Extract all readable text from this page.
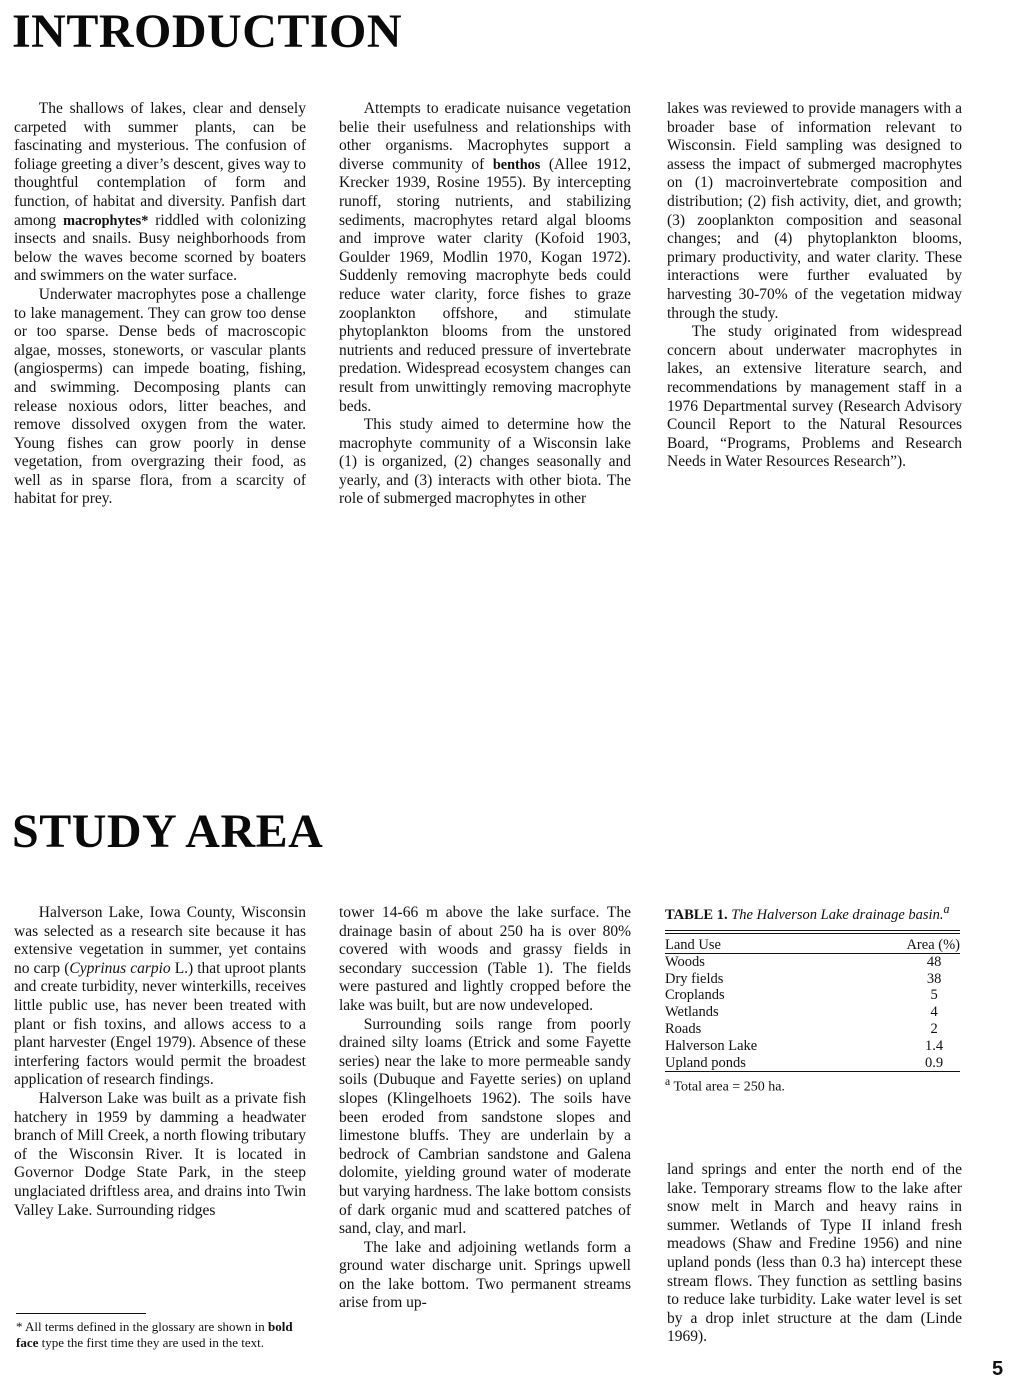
INTRODUCTION

The shallows of lakes, clear and densely carpeted with summer plants, can be fascinating and mysterious. The confusion of foliage greeting a diver’s descent, gives way to thoughtful contemplation of form and function, of habitat and diversity. Panfish dart among macrophytes* riddled with colonizing insects and snails. Busy neighborhoods from below the waves become scorned by boaters and swimmers on the water surface.

Underwater macrophytes pose a challenge to lake management. They can grow too dense or too sparse. Dense beds of macroscopic algae, mosses, stoneworts, or vascular plants (angiosperms) can impede boating, fishing, and swimming. Decomposing plants can release noxious odors, litter beaches, and remove dissolved oxygen from the water. Young fishes can grow poorly in dense vegetation, from overgrazing their food, as well as in sparse flora, from a scarcity of habitat for prey.

Attempts to eradicate nuisance vegetation belie their usefulness and relationships with other organisms. Macrophytes support a diverse community of benthos (Allee 1912, Krecker 1939, Rosine 1955). By intercepting runoff, storing nutrients, and stabilizing sediments, macrophytes retard algal blooms and improve water clarity (Kofoid 1903, Goulder 1969, Modlin 1970, Kogan 1972). Suddenly removing macrophyte beds could reduce water clarity, force fishes to graze zooplankton offshore, and stimulate phytoplankton blooms from the unstored nutrients and reduced pressure of invertebrate predation. Widespread ecosystem changes can result from unwittingly removing macrophyte beds.

This study aimed to determine how the macrophyte community of a Wisconsin lake (1) is organized, (2) changes seasonally and yearly, and (3) interacts with other biota. The role of submerged macrophytes in other

lakes was reviewed to provide managers with a broader base of information relevant to Wisconsin. Field sampling was designed to assess the impact of submerged macrophytes on (1) macroinvertebrate composition and distribution; (2) fish activity, diet, and growth; (3) zooplankton composition and seasonal changes; and (4) phytoplankton blooms, primary productivity, and water clarity. These interactions were further evaluated by harvesting 30-70% of the vegetation midway through the study.

The study originated from widespread concern about underwater macrophytes in lakes, an extensive literature search, and recommendations by management staff in a 1976 Departmental survey (Research Advisory Council Report to the Natural Resources Board, “Programs, Problems and Research Needs in Water Resources Research”).

STUDY AREA

Halverson Lake, Iowa County, Wisconsin was selected as a research site because it has extensive vegetation in summer, yet contains no carp (Cyprinus carpio L.) that uproot plants and create turbidity, never winterkills, receives little public use, has never been treated with plant or fish toxins, and allows access to a plant harvester (Engel 1979). Absence of these interfering factors would permit the broadest application of research findings.

Halverson Lake was built as a private fish hatchery in 1959 by damming a headwater branch of Mill Creek, a north flowing tributary of the Wisconsin River. It is located in Governor Dodge State Park, in the steep unglaciated driftless area, and drains into Twin Valley Lake. Surrounding ridges

tower 14-66 m above the lake surface. The drainage basin of about 250 ha is over 80% covered with woods and grassy fields in secondary succession (Table 1). The fields were pastured and lightly cropped before the lake was built, but are now undeveloped.

Surrounding soils range from poorly drained silty loams (Etrick and some Fayette series) near the lake to more permeable sandy soils (Dubuque and Fayette series) on upland slopes (Klingelhoets 1962). The soils have been eroded from sandstone slopes and limestone bluffs. They are underlain by a bedrock of Cambrian sandstone and Galena dolomite, yielding ground water of moderate but varying hardness. The lake bottom consists of dark organic mud and scattered patches of sand, clay, and marl.

The lake and adjoining wetlands form a ground water discharge unit. Springs upwell on the lake bottom. Two permanent streams arise from up-

TABLE 1. The Halverson Lake drainage basin.$^a$
Land Use	Area (%)
Woods	48
Dry fields	38
Croplands	5
Wetlands	4
Roads	2
Halverson Lake	1.4
Upland ponds	0.9
$^a$ Total area = 250 ha.

land springs and enter the north end of the lake. Temporary streams flow to the lake after snow melt in March and heavy rains in summer. Wetlands of Type II inland fresh meadows (Shaw and Fredine 1956) and nine upland ponds (less than 0.3 ha) intercept these stream flows. They function as settling basins to reduce lake turbidity. Lake water level is set by a drop inlet structure at the dam (Linde 1969).

* All terms defined in the glossary are shown in bold face type the first time they are used in the text.
5
